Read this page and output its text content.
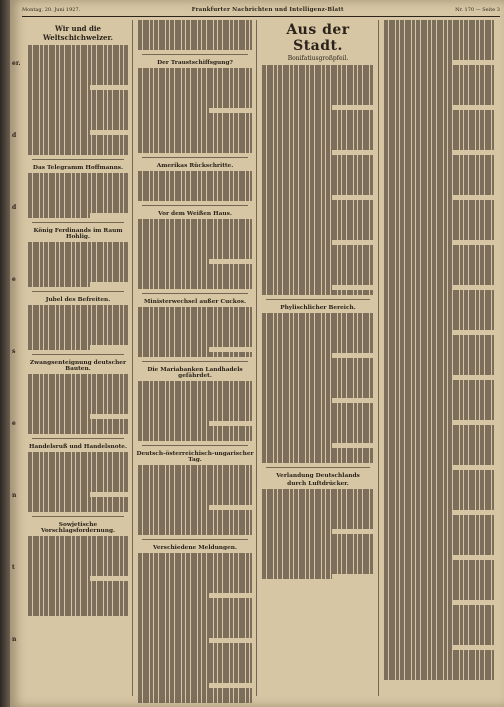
Montag, 20. Juni 1927.	Frankfurter Nachrichten und Intelligenz-Blatt	Nr. 170 — Seite 3
er.
d
d
e
s
e
n
t
n
Wir und die Weltschichwelzer.
Das Telegramm Hoffmanns.
König Ferdinands im Raum Hohlig.
Jubel des Befreiten.
Zwangsenteignung deutscher Bauten.
Handelsruß und Handelsnote.
Sowjetische Vorschlagsfordernung.
Der Traustschiffsgung?
Amerikas Rückschritte.
Vor dem Weißen Haus.
Ministerwechsel außer Cuckos.
Die Mariabanken Landhadels gefährdet.
Deutsch-österreichisch-ungarischer Tag.
Verschiedene Meldungen.
Aus der Stadt.
Bonifatiusgroßpfeil.
Phylischlicher Bereich.
Verlandung Deutschlands
durch Luftdrücker.
